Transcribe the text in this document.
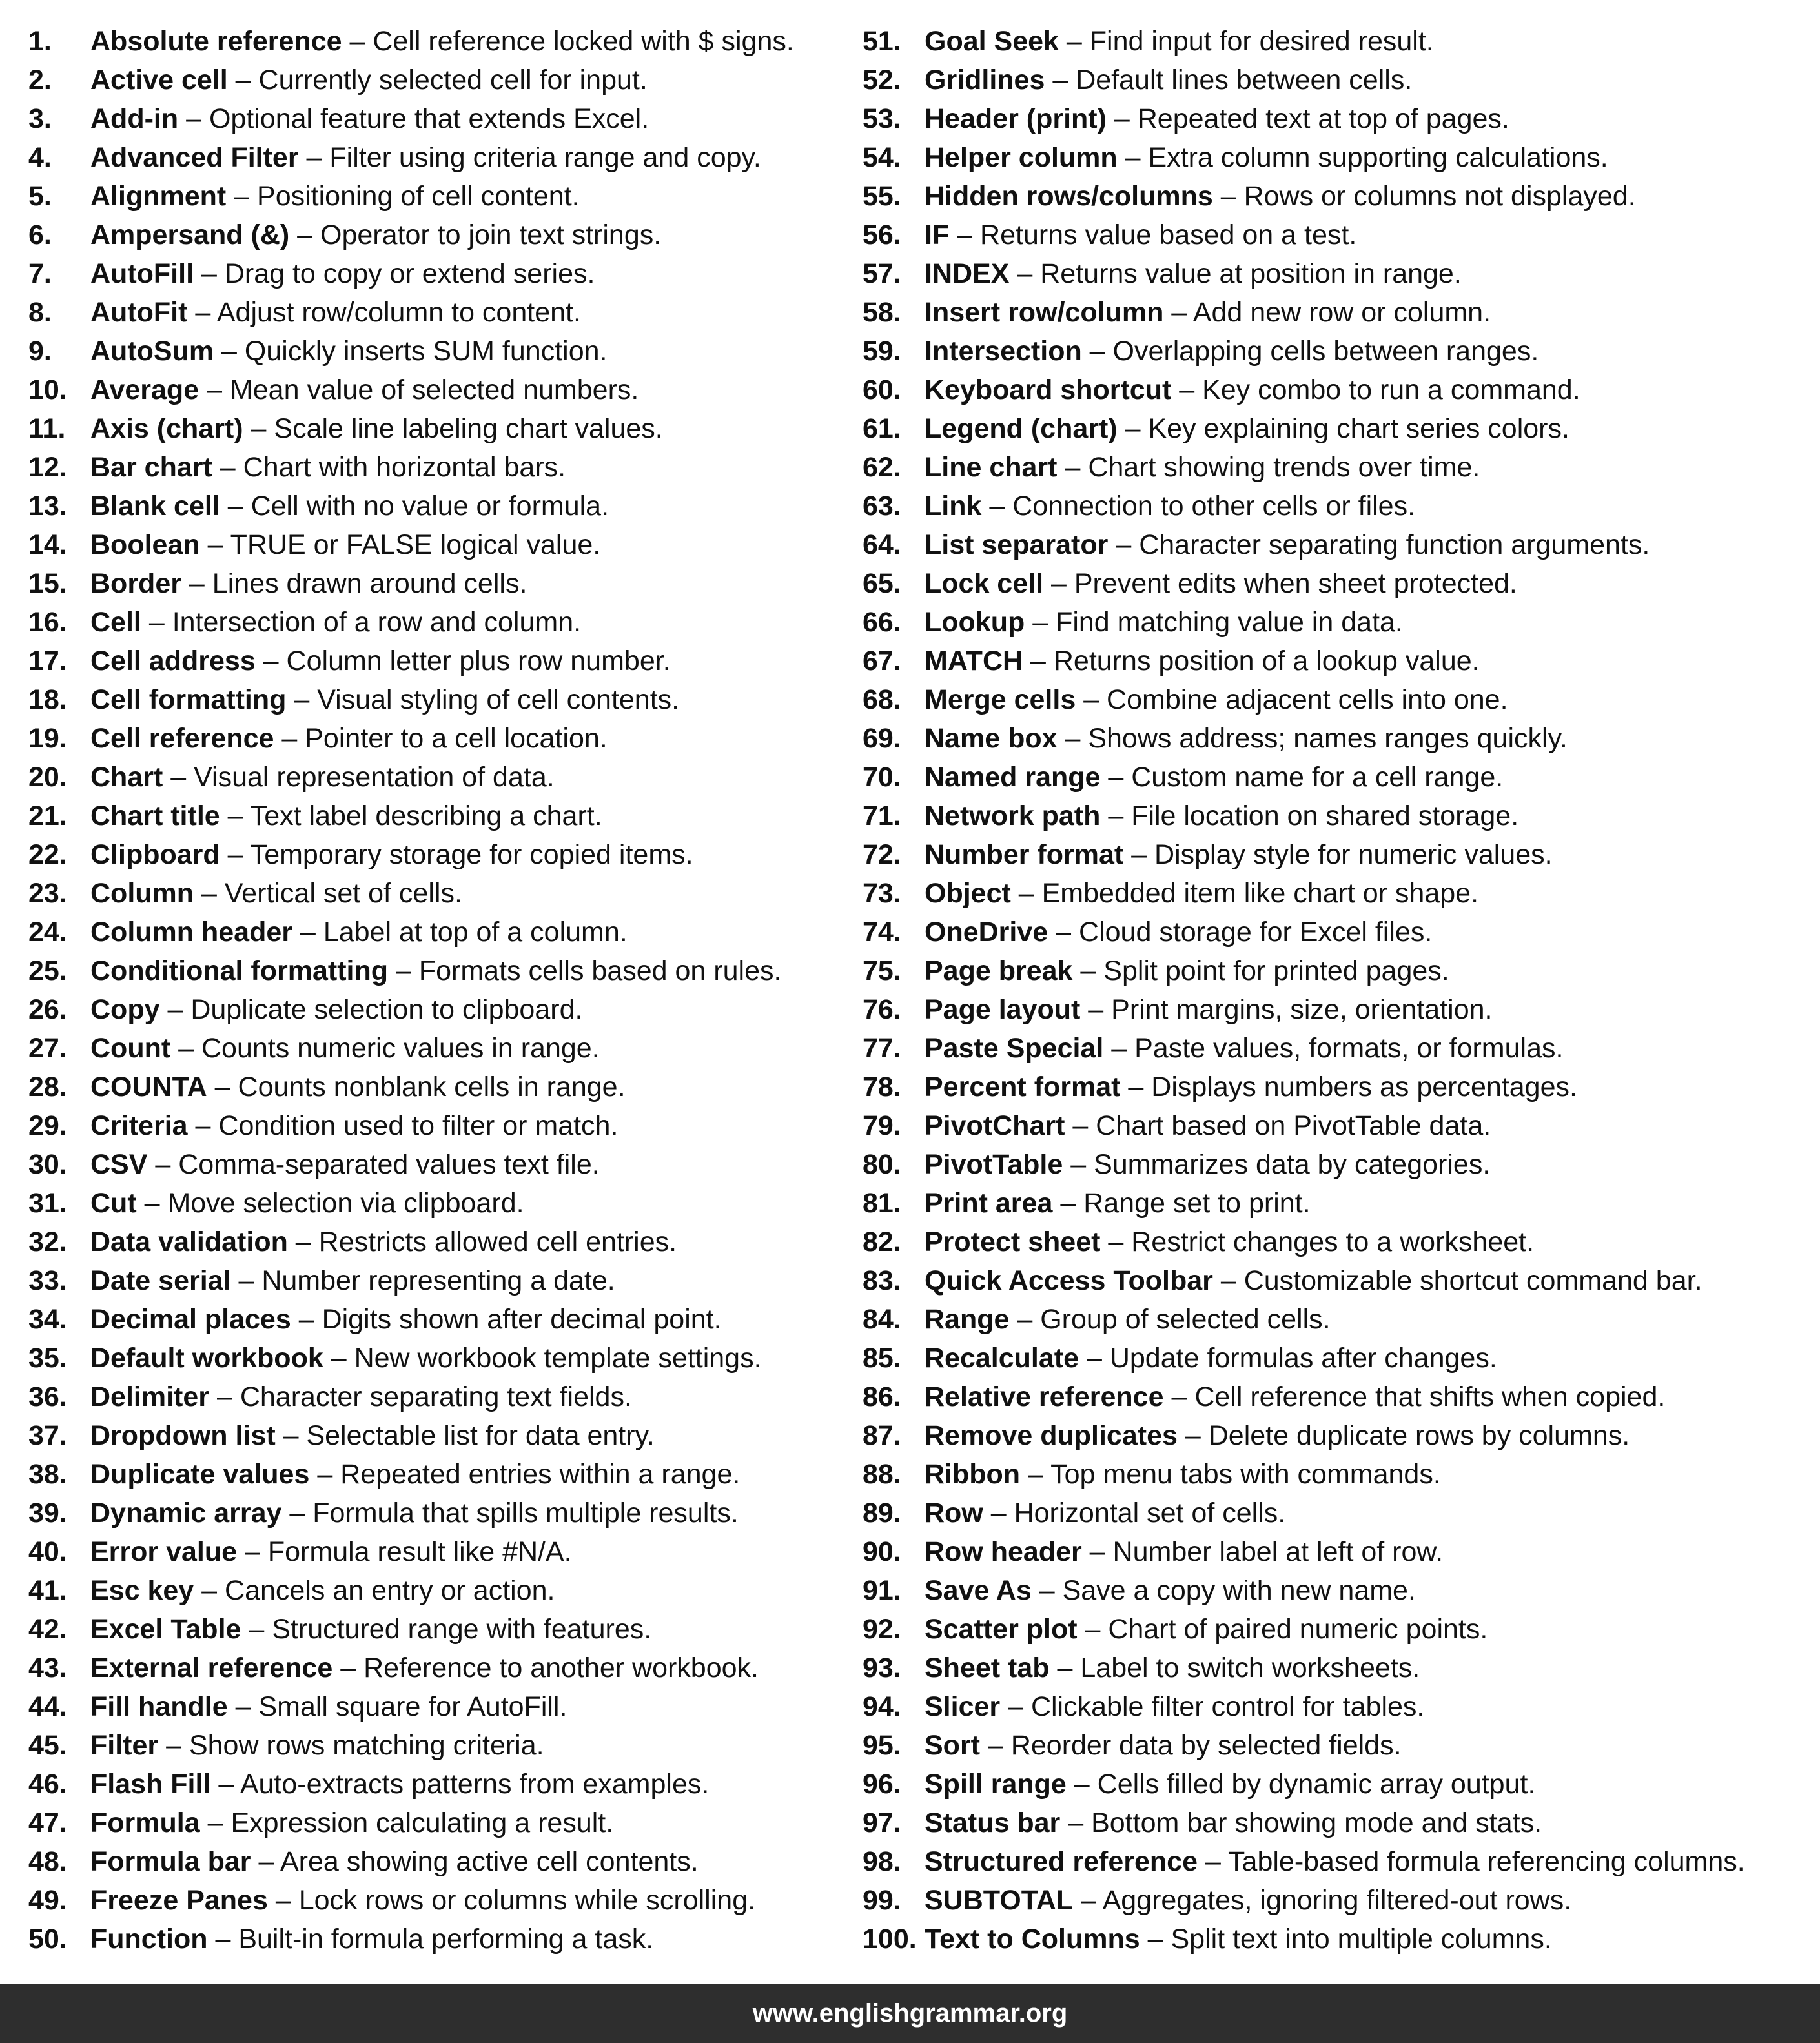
1. Absolute reference – Cell reference locked with $ signs.
2. Active cell – Currently selected cell for input.
3. Add-in – Optional feature that extends Excel.
4. Advanced Filter – Filter using criteria range and copy.
5. Alignment – Positioning of cell content.
6. Ampersand (&) – Operator to join text strings.
7. AutoFill – Drag to copy or extend series.
8. AutoFit – Adjust row/column to content.
9. AutoSum – Quickly inserts SUM function.
10. Average – Mean value of selected numbers.
11. Axis (chart) – Scale line labeling chart values.
12. Bar chart – Chart with horizontal bars.
13. Blank cell – Cell with no value or formula.
14. Boolean – TRUE or FALSE logical value.
15. Border – Lines drawn around cells.
16. Cell – Intersection of a row and column.
17. Cell address – Column letter plus row number.
18. Cell formatting – Visual styling of cell contents.
19. Cell reference – Pointer to a cell location.
20. Chart – Visual representation of data.
21. Chart title – Text label describing a chart.
22. Clipboard – Temporary storage for copied items.
23. Column – Vertical set of cells.
24. Column header – Label at top of a column.
25. Conditional formatting – Formats cells based on rules.
26. Copy – Duplicate selection to clipboard.
27. Count – Counts numeric values in range.
28. COUNTA – Counts nonblank cells in range.
29. Criteria – Condition used to filter or match.
30. CSV – Comma-separated values text file.
31. Cut – Move selection via clipboard.
32. Data validation – Restricts allowed cell entries.
33. Date serial – Number representing a date.
34. Decimal places – Digits shown after decimal point.
35. Default workbook – New workbook template settings.
36. Delimiter – Character separating text fields.
37. Dropdown list – Selectable list for data entry.
38. Duplicate values – Repeated entries within a range.
39. Dynamic array – Formula that spills multiple results.
40. Error value – Formula result like #N/A.
41. Esc key – Cancels an entry or action.
42. Excel Table – Structured range with features.
43. External reference – Reference to another workbook.
44. Fill handle – Small square for AutoFill.
45. Filter – Show rows matching criteria.
46. Flash Fill – Auto-extracts patterns from examples.
47. Formula – Expression calculating a result.
48. Formula bar – Area showing active cell contents.
49. Freeze Panes – Lock rows or columns while scrolling.
50. Function – Built-in formula performing a task.
51. Goal Seek – Find input for desired result.
52. Gridlines – Default lines between cells.
53. Header (print) – Repeated text at top of pages.
54. Helper column – Extra column supporting calculations.
55. Hidden rows/columns – Rows or columns not displayed.
56. IF – Returns value based on a test.
57. INDEX – Returns value at position in range.
58. Insert row/column – Add new row or column.
59. Intersection – Overlapping cells between ranges.
60. Keyboard shortcut – Key combo to run a command.
61. Legend (chart) – Key explaining chart series colors.
62. Line chart – Chart showing trends over time.
63. Link – Connection to other cells or files.
64. List separator – Character separating function arguments.
65. Lock cell – Prevent edits when sheet protected.
66. Lookup – Find matching value in data.
67. MATCH – Returns position of a lookup value.
68. Merge cells – Combine adjacent cells into one.
69. Name box – Shows address; names ranges quickly.
70. Named range – Custom name for a cell range.
71. Network path – File location on shared storage.
72. Number format – Display style for numeric values.
73. Object – Embedded item like chart or shape.
74. OneDrive – Cloud storage for Excel files.
75. Page break – Split point for printed pages.
76. Page layout – Print margins, size, orientation.
77. Paste Special – Paste values, formats, or formulas.
78. Percent format – Displays numbers as percentages.
79. PivotChart – Chart based on PivotTable data.
80. PivotTable – Summarizes data by categories.
81. Print area – Range set to print.
82. Protect sheet – Restrict changes to a worksheet.
83. Quick Access Toolbar – Customizable shortcut command bar.
84. Range – Group of selected cells.
85. Recalculate – Update formulas after changes.
86. Relative reference – Cell reference that shifts when copied.
87. Remove duplicates – Delete duplicate rows by columns.
88. Ribbon – Top menu tabs with commands.
89. Row – Horizontal set of cells.
90. Row header – Number label at left of row.
91. Save As – Save a copy with new name.
92. Scatter plot – Chart of paired numeric points.
93. Sheet tab – Label to switch worksheets.
94. Slicer – Clickable filter control for tables.
95. Sort – Reorder data by selected fields.
96. Spill range – Cells filled by dynamic array output.
97. Status bar – Bottom bar showing mode and stats.
98. Structured reference – Table-based formula referencing columns.
99. SUBTOTAL – Aggregates, ignoring filtered-out rows.
100. Text to Columns – Split text into multiple columns.
www.englishgrammar.org
